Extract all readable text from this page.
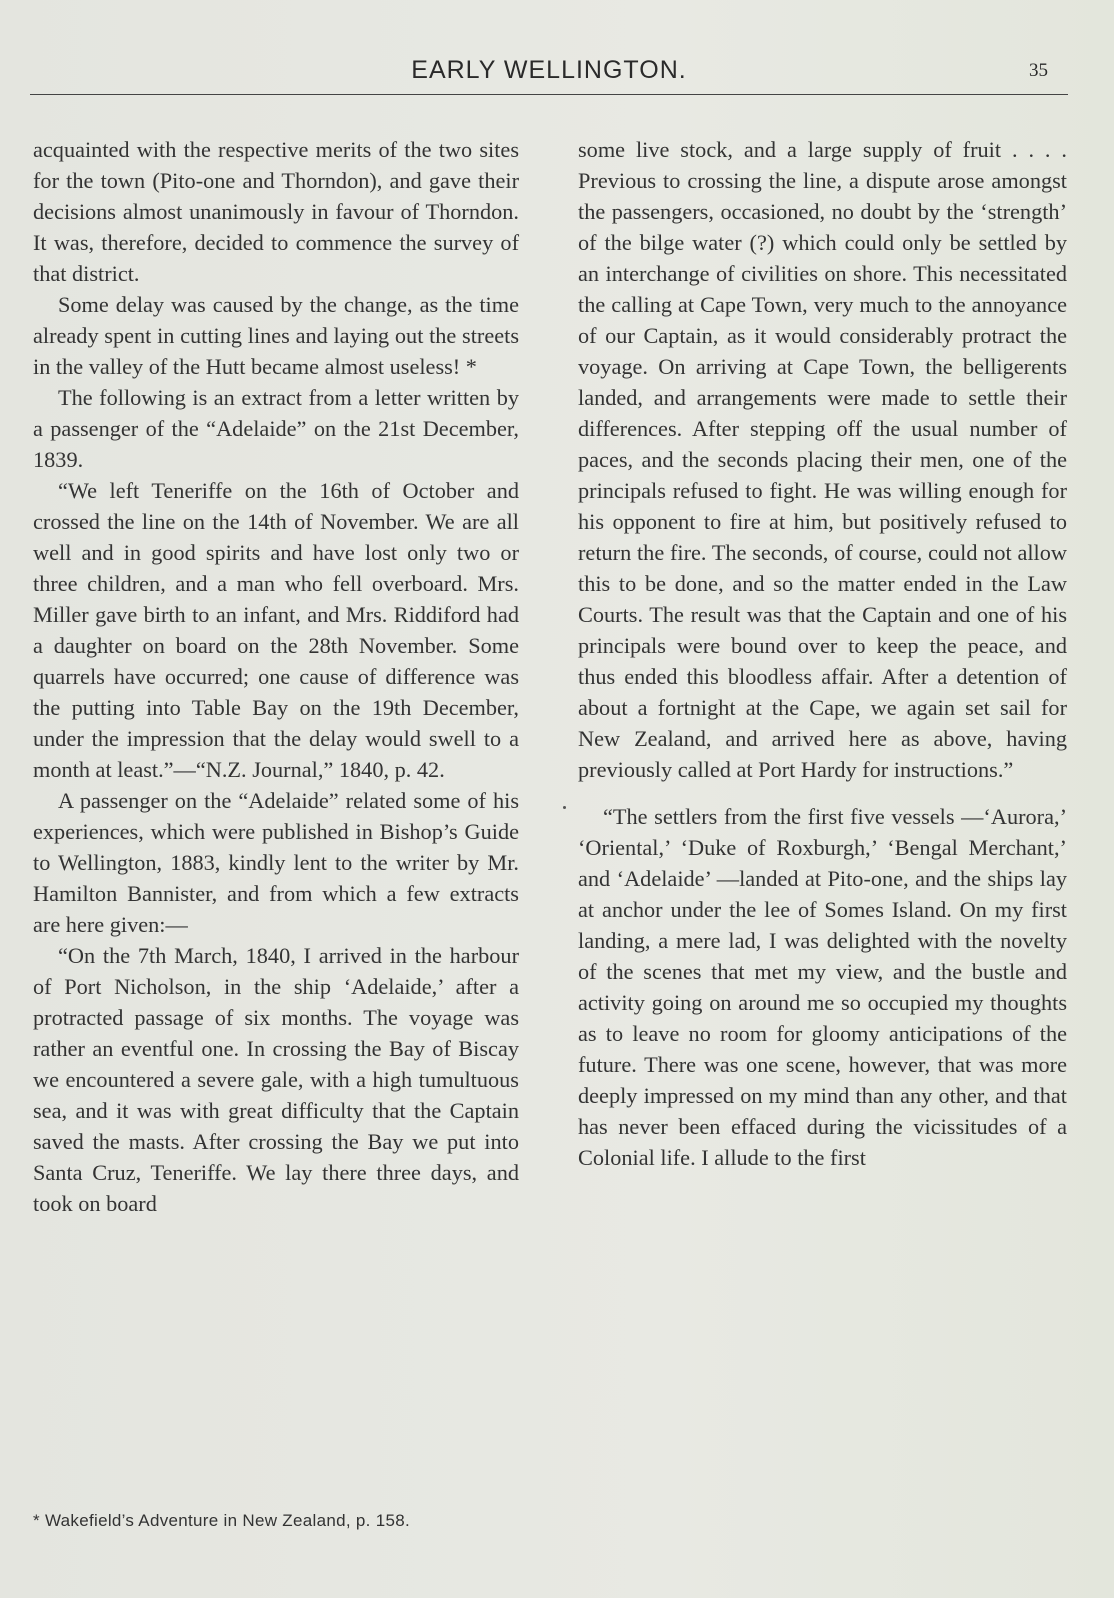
EARLY WELLINGTON.	35

acquainted with the respective merits of the two sites for the town (Pito-one and Thorndon), and gave their decisions almost unanimously in favour of Thorndon. It was, therefore, decided to commence the survey of that district.

Some delay was caused by the change, as the time already spent in cutting lines and laying out the streets in the valley of the Hutt became almost useless! *

The following is an extract from a letter written by a passenger of the “Adelaide” on the 21st December, 1839.

“We left Teneriffe on the 16th of October and crossed the line on the 14th of November. We are all well and in good spirits and have lost only two or three children, and a man who fell overboard. Mrs. Miller gave birth to an infant, and Mrs. Riddiford had a daughter on board on the 28th November. Some quarrels have occurred; one cause of difference was the putting into Table Bay on the 19th December, under the impression that the delay would swell to a month at least.”—“N.Z. Journal,” 1840, p. 42.

A passenger on the “Adelaide” related some of his experiences, which were published in Bishop’s Guide to Wellington, 1883, kindly lent to the writer by Mr. Hamilton Bannister, and from which a few extracts are here given:—

“On the 7th March, 1840, I arrived in the harbour of Port Nicholson, in the ship ‘Adelaide,’ after a protracted passage of six months. The voyage was rather an eventful one. In crossing the Bay of Biscay we encountered a severe gale, with a high tumultuous sea, and it was with great difficulty that the Captain saved the masts. After crossing the Bay we put into Santa Cruz, Teneriffe. We lay there three days, and took on board

some live stock, and a large supply of fruit . . . . Previous to crossing the line, a dispute arose amongst the passengers, occasioned, no doubt by the ‘strength’ of the bilge water (?) which could only be settled by an interchange of civilities on shore. This necessitated the calling at Cape Town, very much to the annoyance of our Captain, as it would considerably protract the voyage. On arriving at Cape Town, the belligerents landed, and arrangements were made to settle their differences. After stepping off the usual number of paces, and the seconds placing their men, one of the principals refused to fight. He was willing enough for his opponent to fire at him, but positively refused to return the fire. The seconds, of course, could not allow this to be done, and so the matter ended in the Law Courts. The result was that the Captain and one of his principals were bound over to keep the peace, and thus ended this bloodless affair. After a detention of about a fortnight at the Cape, we again set sail for New Zealand, and arrived here as above, having previously called at Port Hardy for instructions.”

“The settlers from the first five vessels —‘Aurora,’ ‘Oriental,’ ‘Duke of Roxburgh,’ ‘Bengal Merchant,’ and ‘Adelaide’ —landed at Pito-one, and the ships lay at anchor under the lee of Somes Island. On my first landing, a mere lad, I was delighted with the novelty of the scenes that met my view, and the bustle and activity going on around me so occupied my thoughts as to leave no room for gloomy anticipations of the future. There was one scene, however, that was more deeply impressed on my mind than any other, and that has never been effaced during the vicissitudes of a Colonial life. I allude to the first

* Wakefield’s Adventure in New Zealand, p. 158.
